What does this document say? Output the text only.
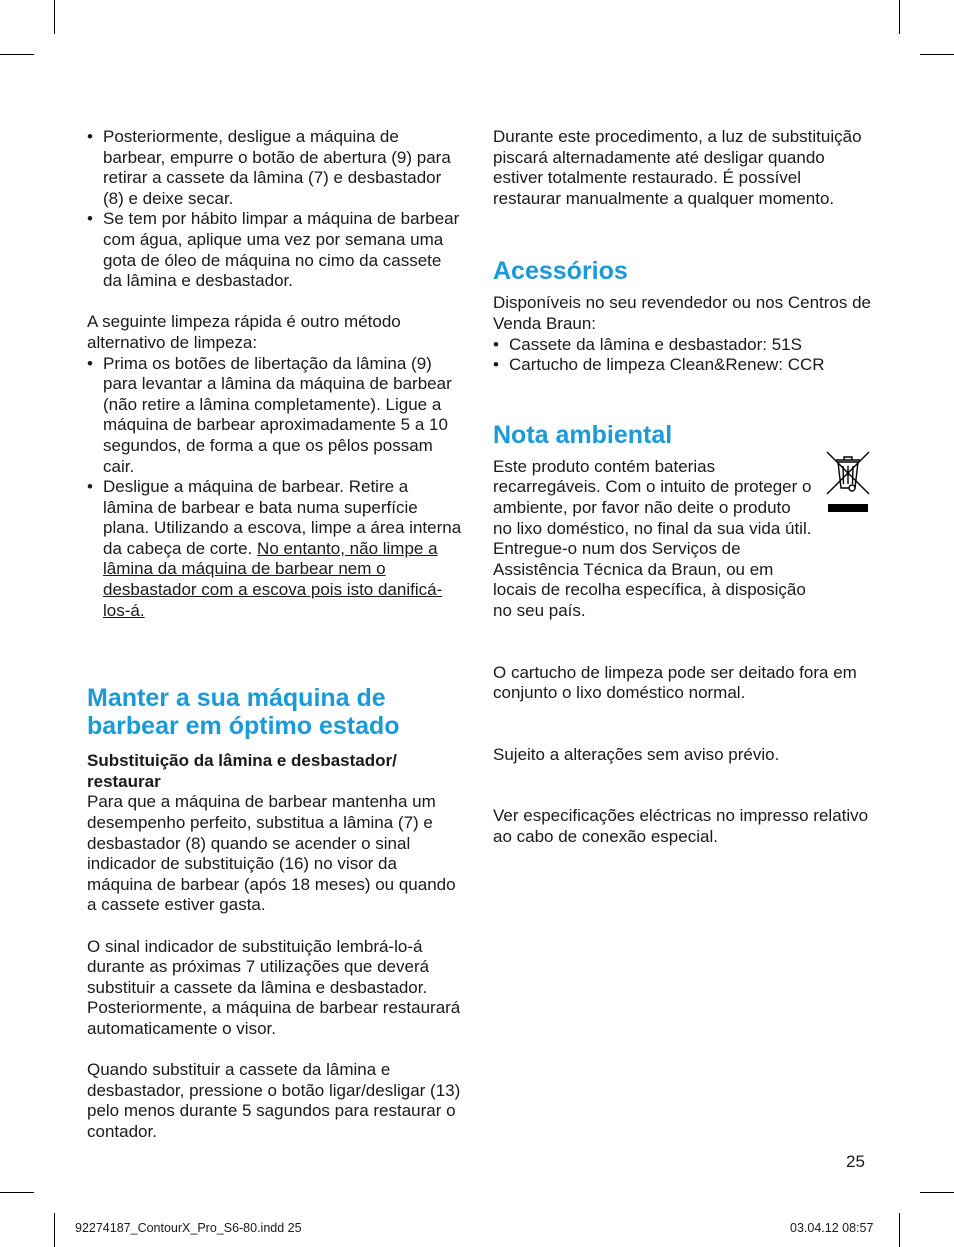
• Posteriormente, desligue a máquina de barbear, empurre o botão de abertura (9) para retirar a cassete da lâmina (7) e desbastador (8) e deixe secar.
• Se tem por hábito limpar a máquina de barbear com água, aplique uma vez por semana uma gota de óleo de máquina no cimo da cassete da lâmina e desbastador.

A seguinte limpeza rápida é outro método alternativo de limpeza:

• Prima os botões de libertação da lâmina (9) para levantar a lâmina da máquina de barbear (não retire a lâmina completamente). Ligue a máquina de barbear aproximadamente 5 a 10 segundos, de forma a que os pêlos possam cair.
• Desligue a máquina de barbear. Retire a lâmina de barbear e bata numa superfície plana. Utilizando a escova, limpe a área interna da cabeça de corte. No entanto, não limpe a lâmina da máquina de barbear nem o desbastador com a escova pois isto danificá-los-á.
Manter a sua máquina de barbear em óptimo estado

Substituição da lâmina e desbastador/ restaurar

Para que a máquina de barbear mantenha um desempenho perfeito, substitua a lâmina (7) e desbastador (8) quando se acender o sinal indicador de substituição (16) no visor da máquina de barbear (após 18 meses) ou quando a cassete estiver gasta.

O sinal indicador de substituição lembrá-lo-á durante as próximas 7 utilizações que deverá substituir a cassete da lâmina e desbastador. Posteriormente, a máquina de barbear restaurará automaticamente o visor.

Quando substituir a cassete da lâmina e desbastador, pressione o botão ligar/desligar (13) pelo menos durante 5 sagundos para restaurar o contador.

Durante este procedimento, a luz de substituição piscará alternadamente até desligar quando estiver totalmente restaurado. É possível restaurar manualmente a qualquer momento.

Acessórios

Disponíveis no seu revendedor ou nos Centros de Venda Braun:

• Cassete da lâmina e desbastador: 51S
• Cartucho de limpeza Clean&Renew: CCR
Nota ambiental

Este produto contém baterias recarregáveis. Com o intuito de proteger o ambiente, por favor não deite o produto no lixo doméstico, no final da sua vida útil. Entregue-o num dos Serviços de Assistência Técnica da Braun, ou em locais de recolha específica, à disposição no seu país.

O cartucho de limpeza pode ser deitado fora em conjunto o lixo doméstico normal.

Sujeito a alterações sem aviso prévio.

Ver especificações eléctricas no impresso relativo ao cabo de conexão especial.

25
92274187_ContourX_Pro_S6-80.indd 25	03.04.12 08:57
